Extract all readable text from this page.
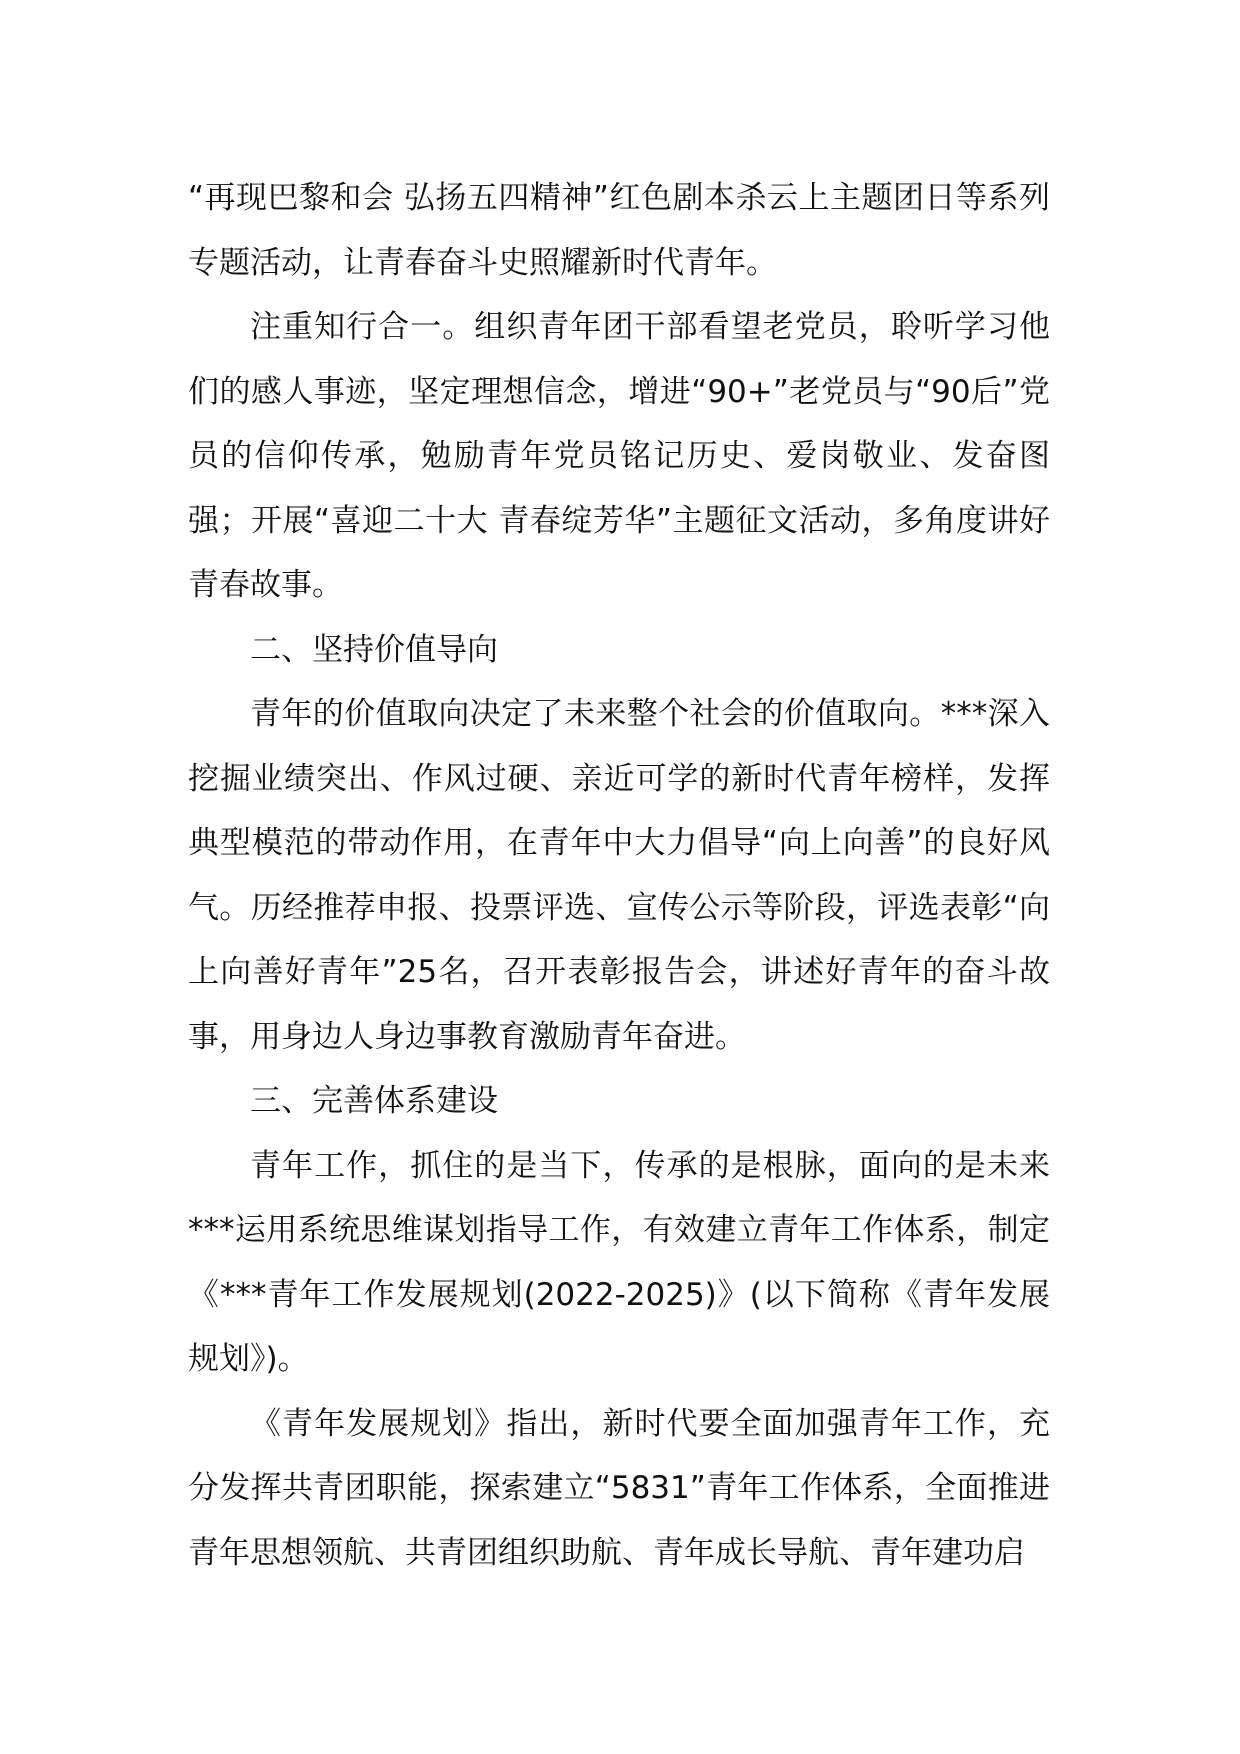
“再现巴黎和会 弘扬五四精神”红色剧本杀云上主题团日等系列专题活动，让青春奋斗史照耀新时代青年。

注重知行合一。组织青年团干部看望老党员，聆听学习他们的感人事迹，坚定理想信念，增进“90+”老党员与“90后”党员的信仰传承，勉励青年党员铭记历史、爱岗敬业、发奋图强；开展“喜迎二十大 青春绽芳华”主题征文活动，多角度讲好青春故事。

二、坚持价值导向

青年的价值取向决定了未来整个社会的价值取向。***深入挖掘业绩突出、作风过硬、亲近可学的新时代青年榜样，发挥典型模范的带动作用，在青年中大力倡导“向上向善”的良好风气。历经推荐申报、投票评选、宣传公示等阶段，评选表彰“向上向善好青年”25名，召开表彰报告会，讲述好青年的奋斗故事，用身边人身边事教育激励青年奋进。

三、完善体系建设

青年工作，抓住的是当下，传承的是根脉，面向的是未来***运用系统思维谋划指导工作，有效建立青年工作体系，制定《***青年工作发展规划(2022-2025)》(以下简称《青年发展规划》)。

《青年发展规划》指出，新时代要全面加强青年工作，充分发挥共青团职能，探索建立“5831”青年工作体系，全面推进青年思想领航、共青团组织助航、青年成长导航、青年建功启
